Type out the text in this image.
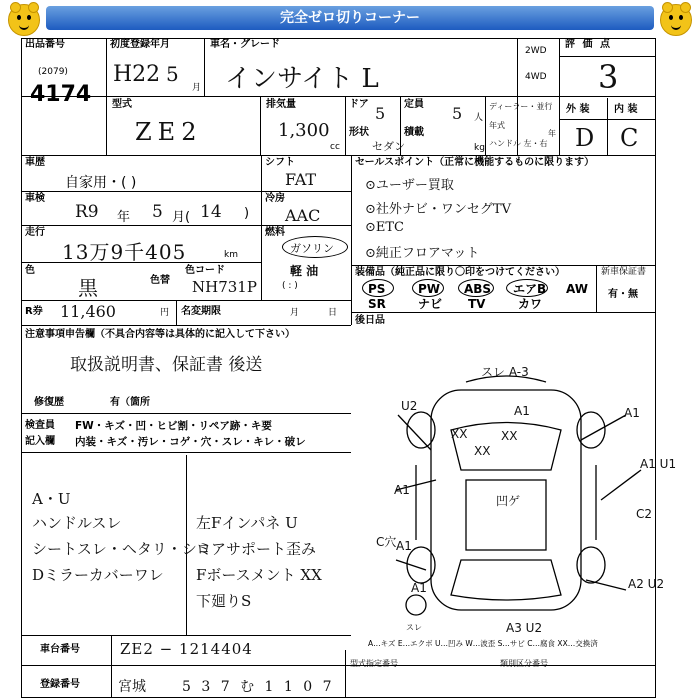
完全ゼロ切りコーナー
出品番号
(2079)
4174
初度登録年月
H22 5
月
車名・グレード
インサイト L
2WD
4WD
評 価 点
3
型式
ZE2
排気量
1,300
cc
ドア 5 定員 5 人
形状
セダン
積載
kg
ディーラー・並行
年式
年
ハンドル 左・右
外 装 内 装
D C
車歴
自家用・( )
車検
R9 年 5 月( 14 )
走行
13万9千405	km
色
黒	色替
色コード
NH731P
R券 11,460	円 名変期限	月	日
シフト
FAT
冷房
AAC
燃料
ガソリン
軽 油
( : )
セールスポイント（正常に機能するものに限ります）
⊙ユーザー買取
⊙社外ナビ・ワンセグTV
⊙ETC
⊙純正フロアマット
装備品（純正品に限り〇印をつけてください）
PS	PW ABS エアB AW
SR	ナビ TV	カワ
新車保証書
有・無
後日品
注意事項申告欄（不具合内容等は具体的に記入して下さい）
取扱説明書、保証書 後送
修復歴	有（箇所
検査員
記入欄
FW・キズ・凹・ヒビ割・リペア跡・キ要
内装・キズ・汚レ・コゲ・穴・スレ・キレ・破レ
A・U
ハンドルスレ
シートスレ・ヘタリ・シミ
Dミラーカバーワレ
左Fインパネ U
ロアサポート歪み
Fボースメント XX
下廻りS
スレ A-3
U2	A1	A1
XX	XX
XX
A1
A1 U1
A1
凹ゲ
C2
C穴
A2 U2
A1
A3 U2
スレ
A…キズ E…エクボ U…凹み W…波歪 S…サビ C…腐食 XX…交換済
車台番号	ZE2 − 1214404
登録番号	宮城	5 3 7 む 1 1 0 7
型式指定番号	類別区分番号
